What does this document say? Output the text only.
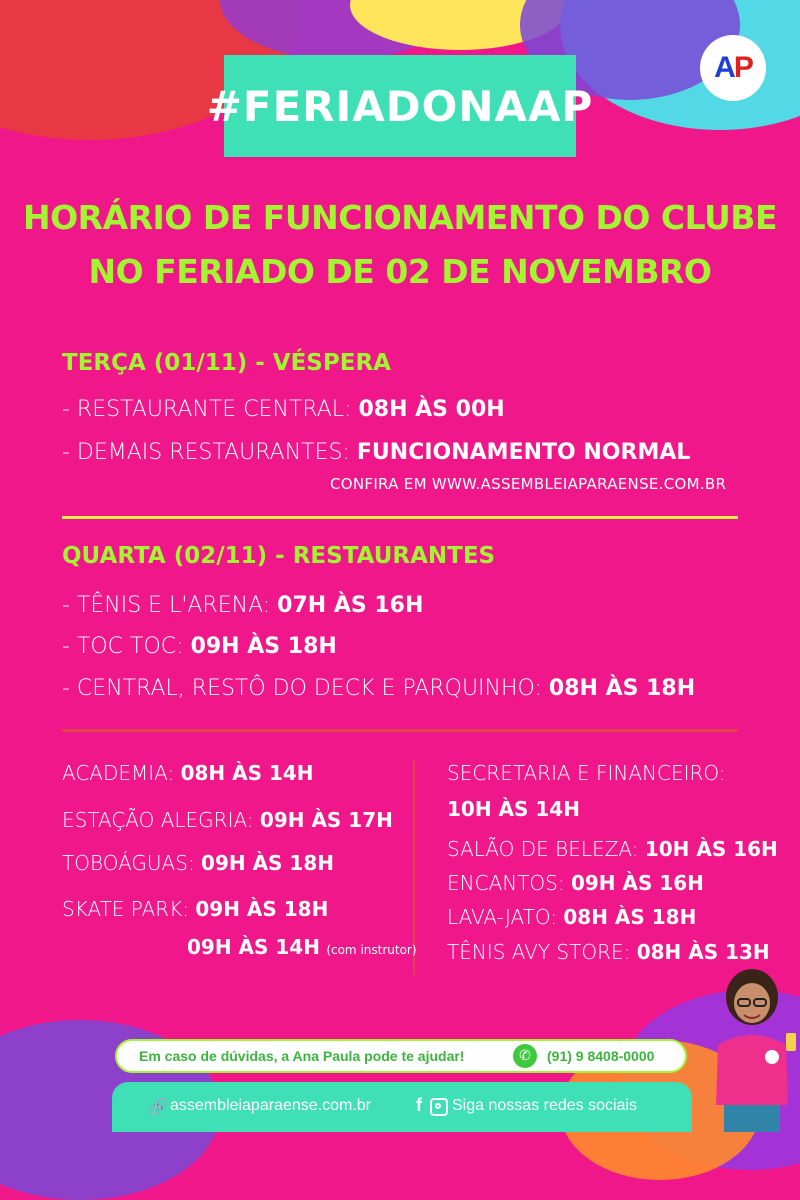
A P
#FERIADONAAP
HORÁRIO DE FUNCIONAMENTO DO CLUBE
NO FERIADO DE 02 DE NOVEMBRO
TERÇA (01/11) - VÉSPERA
- RESTAURANTE CENTRAL: 08H ÀS 00H
- DEMAIS RESTAURANTES: FUNCIONAMENTO NORMAL
CONFIRA EM WWW.ASSEMBLEIAPARAENSE.COM.BR
QUARTA (02/11) - RESTAURANTES
- TÊNIS E L'ARENA: 07H ÀS 16H
- TOC TOC: 09H ÀS 18H
- CENTRAL, RESTÔ DO DECK E PARQUINHO: 08H ÀS 18H
ACADEMIA: 08H ÀS 14H
ESTAÇÃO ALEGRIA: 09H ÀS 17H
TOBOÁGUAS: 09H ÀS 18H
SKATE PARK: 09H ÀS 18H
09H ÀS 14H (com instrutor)
SECRETARIA E FINANCEIRO:
10H ÀS 14H
SALÃO DE BELEZA: 10H ÀS 16H
ENCANTOS: 09H ÀS 16H
LAVA-JATO: 08H ÀS 18H
TÊNIS AVY STORE: 08H ÀS 13H
Em caso de dúvidas, a Ana Paula pode te ajudar!	✆	(91) 9 8408-0000
🔗 assembleiaparaense.com.br	f Siga nossas redes sociais
